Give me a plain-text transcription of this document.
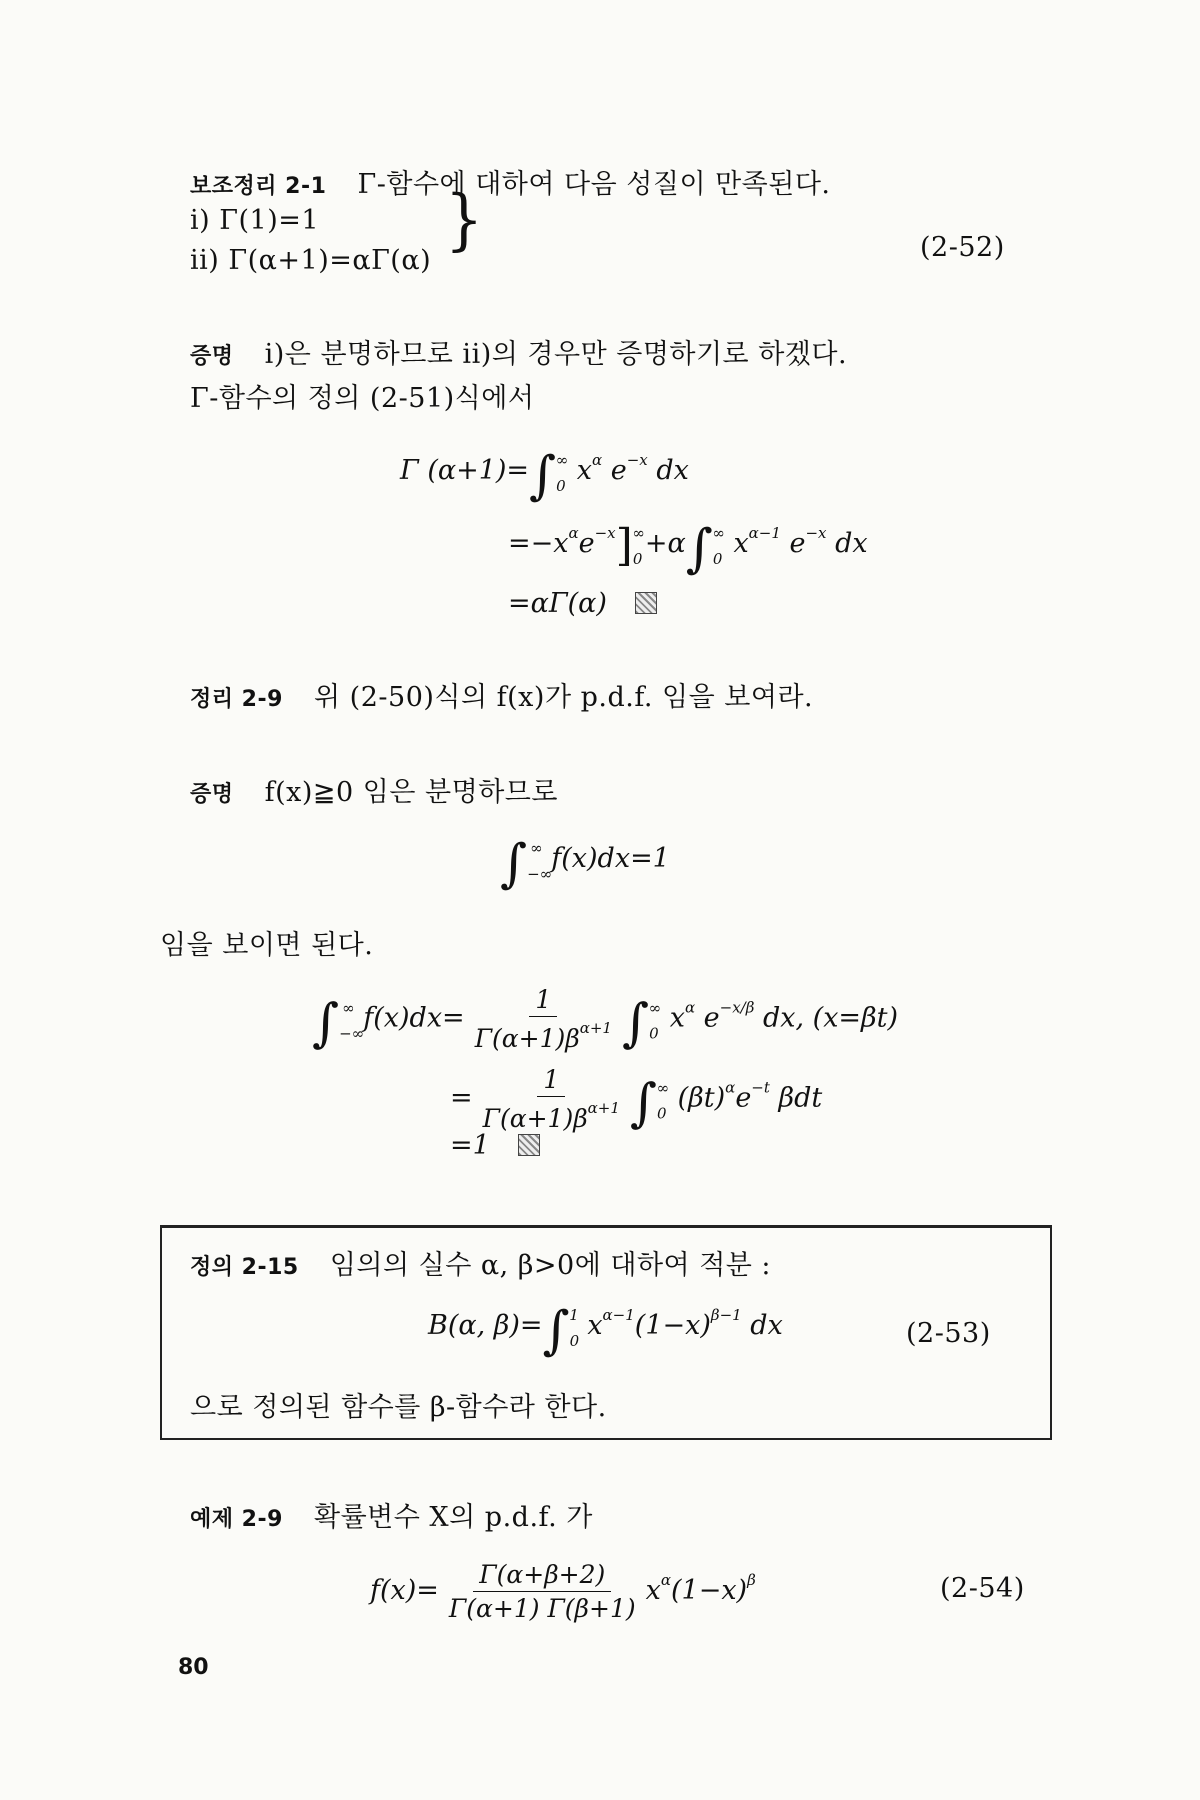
보조정리 2-1 Γ-함수에 대하여 다음 성질이 만족된다.
i) Γ(1)=1
ii) Γ(α+1)=αΓ(α)
}	(2-52)
증명 i)은 분명하므로 ii)의 경우만 증명하기로 하겠다.
Γ-함수의 정의 (2-51)식에서
Γ $(\alpha+1)=\int_0^\infty$ $x^\alpha$ $e^{-x}$ dx
$=-x^\alpha e^{-x}]_0^\infty+\alpha\int_0^\infty$ $x^{\alpha-1}$ $e^{-x}$ dx
=αΓ(α)
정리 2-9 위 (2-50)식의 f(x)가 p.d.f. 임을 보여라.
증명 f(x)≧0 임은 분명하므로
$\int_{-\infty}^\infty$ f(x)dx=1
임을 보이면 된다.
$\int_{-\infty}^\infty$ $f(x)dx= \frac{1}{\Gamma(\alpha+1)\beta^{\alpha+1}} \int_0^\infty$ $x^\alpha$ $e^{-x/\beta}$ dx, (x=βt)
= $\frac{1}{\Gamma(\alpha+1)\beta^{\alpha+1}} \int_0^\infty$ $(\beta t)^\alpha e^{-t}$ βdt
=1
정의 2-15 임의의 실수 α, β>0에 대하여 적분 :
B(α, $\beta)=\int_0^1$ $x^{\alpha-1}(1-x)^{\beta-1}$ dx	(2-53)
으로 정의된 함수를 β-함수라 한다.
예제 2-9 확률변수 X의 p.d.f. 가
$f(x)= \frac{\Gamma(\alpha+\beta+2)}{\Gamma(\alpha+1) \Gamma(\beta+1)} x^\alpha(1-x)^\beta$	(2-54)
80
